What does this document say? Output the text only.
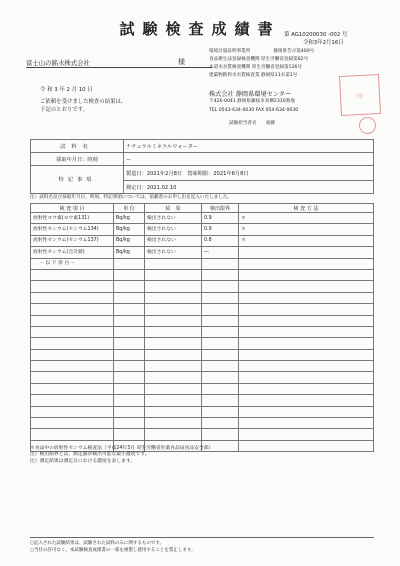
試験検査成績書 第 AG10200030 -002 号
令和3年2月16日
富士山の銘水株式会社	様
環境計量証明事業所　　　　　静岡県告示第400号
食品衛生法登録検査機関 厚生労働省登録第82号
水道水水質検査機関 厚生労働省登録第126号
建築物飲料水水質検査業 静岡県11水第1号
令 和 3 年 2 月 10 日
ご依頼を受けました検査の結果は、
下記のとおりです。
株式会社 静岡県環境センター
〒426-0041 静岡県藤枝市高柳2310番地
TEL 0543-634-0030 FAX 054-634-0030
試験担当者名　　東藤
印
試料名	ナチュラルミネラルウォーター
採取年月日：時刻	ー
特記事項	製造日：2021年2月8日　賞味期限：2021年8月8日
	測定日：2021.02.10
注）試料名及び採取年月日、時刻、特記事項については、依頼者のお申し出を記入いたしました。
検 査 項 目	単 位	結　果	検出限界	検 査 方 法
放射性ヨウ素(ヨウ素131)	Bq/kg	検出されない	0.9	＊
放射性セシウム(セシウム134)	Bq/kg	検出されない	0.9	＊
放射性セシウム(セシウム137)	Bq/kg	検出されない	0.8	＊
放射性セシウム(合計値)	Bq/kg	検出されない	―	
－ 以 下 余 白 －				

＊食品中の放射性セシウム検査法（平成24年3月 厚生労働省医薬食品局食品安全部）
注）検出限界とは、測定器が検出可能な最小濃度です。
注）測定結果は測定日における濃度を表します。
○記入された試験結果は、試験された試料のみに関するものです。
○当社の許可なく、本試験検査成績書の一部を複製し使用することを禁止します。
